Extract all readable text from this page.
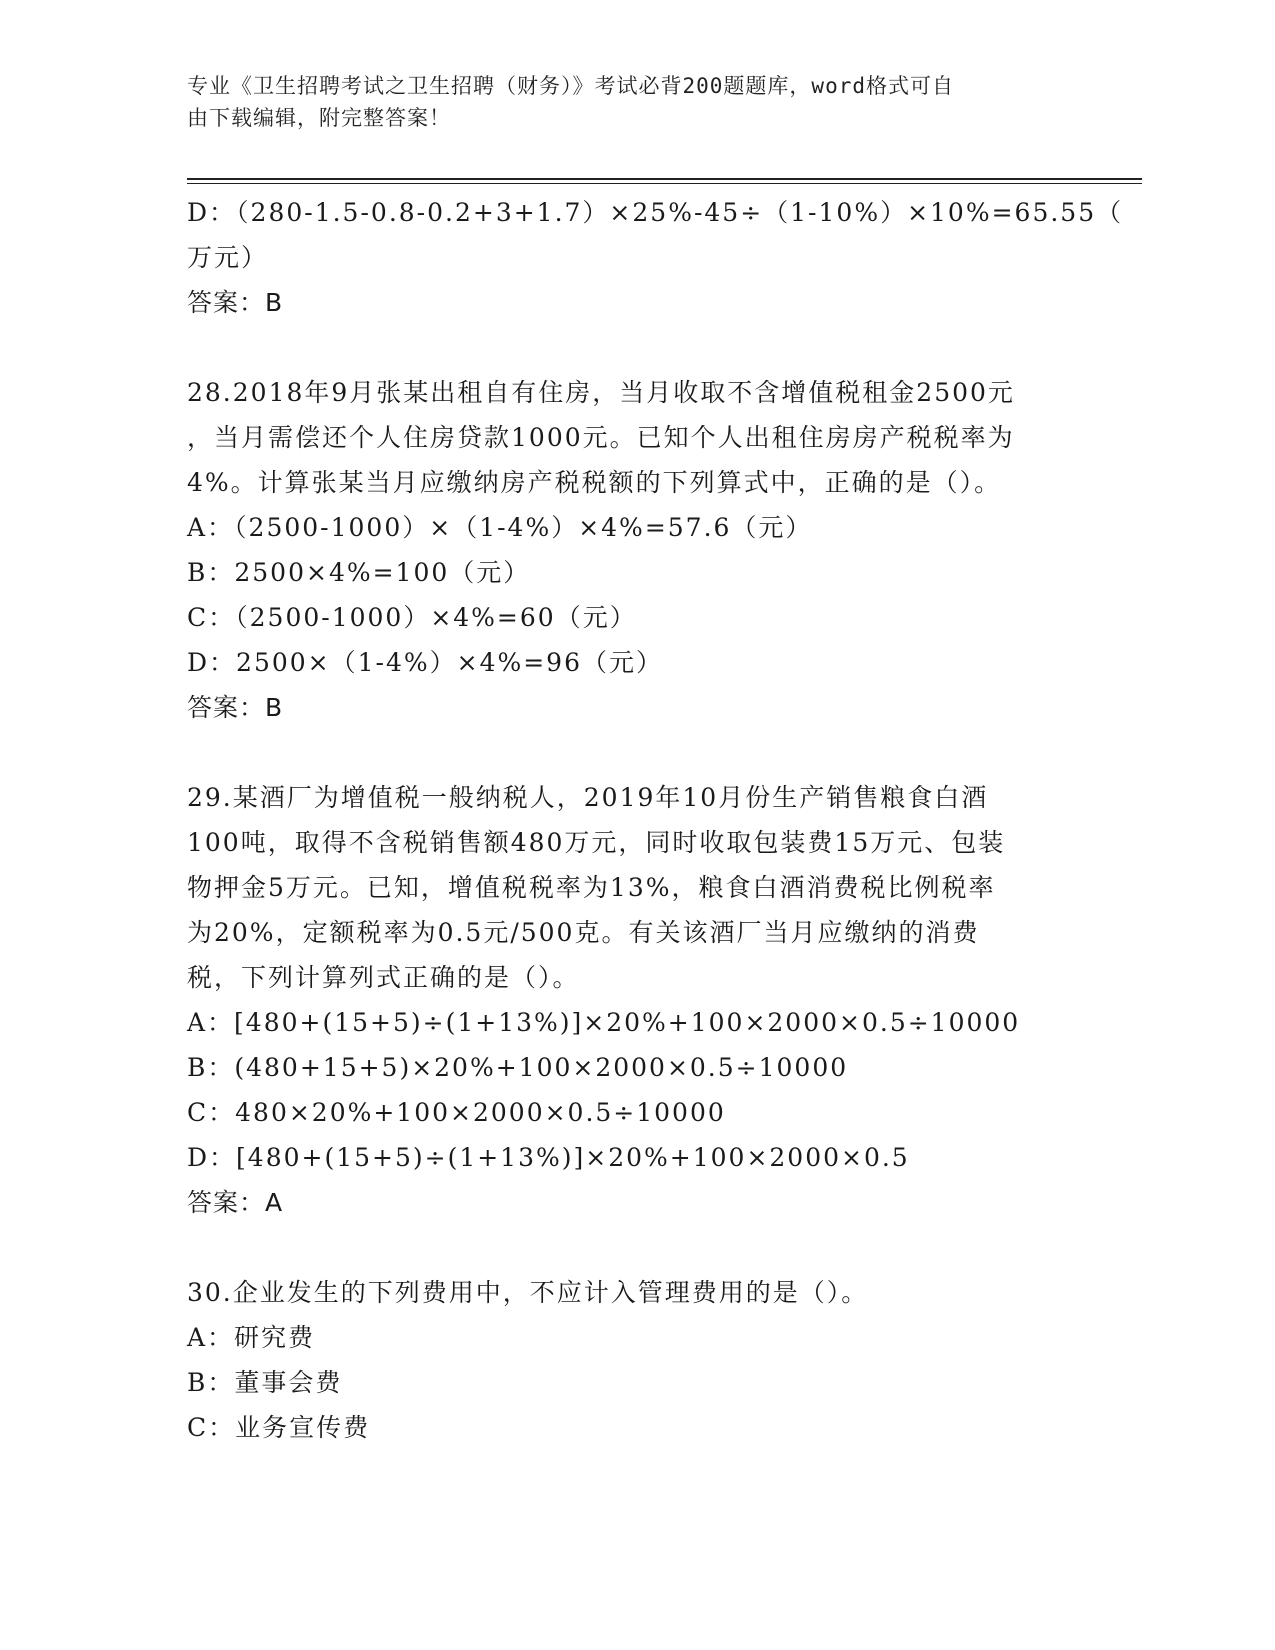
专业《卫生招聘考试之卫生招聘（财务）》考试必背200题题库，word格式可自
由下载编辑，附完整答案！
D：（280-1.5-0.8-0.2+3+1.7）×25%-45÷（1-10%）×10%=65.55（
万元）
答案：B
28.2018年9月张某出租自有住房，当月收取不含增值税租金2500元
，当月需偿还个人住房贷款1000元。已知个人出租住房房产税税率为
4%。计算张某当月应缴纳房产税税额的下列算式中，正确的是（）。
A：（2500-1000）×（1-4%）×4%=57.6（元）
B：2500×4%=100（元）
C：（2500-1000）×4%=60（元）
D：2500×（1-4%）×4%=96（元）
答案：B
29.某酒厂为增值税一般纳税人，2019年10月份生产销售粮食白酒
100吨，取得不含税销售额480万元，同时收取包装费15万元、包装
物押金5万元。已知，增值税税率为13%，粮食白酒消费税比例税率
为20%，定额税率为0.5元/500克。有关该酒厂当月应缴纳的消费
税，下列计算列式正确的是（）。
A：[480+(15+5)÷(1+13%)]×20%+100×2000×0.5÷10000
B：(480+15+5)×20%+100×2000×0.5÷10000
C：480×20%+100×2000×0.5÷10000
D：[480+(15+5)÷(1+13%)]×20%+100×2000×0.5
答案：A
30.企业发生的下列费用中，不应计入管理费用的是（）。
A：研究费
B：董事会费
C：业务宣传费
